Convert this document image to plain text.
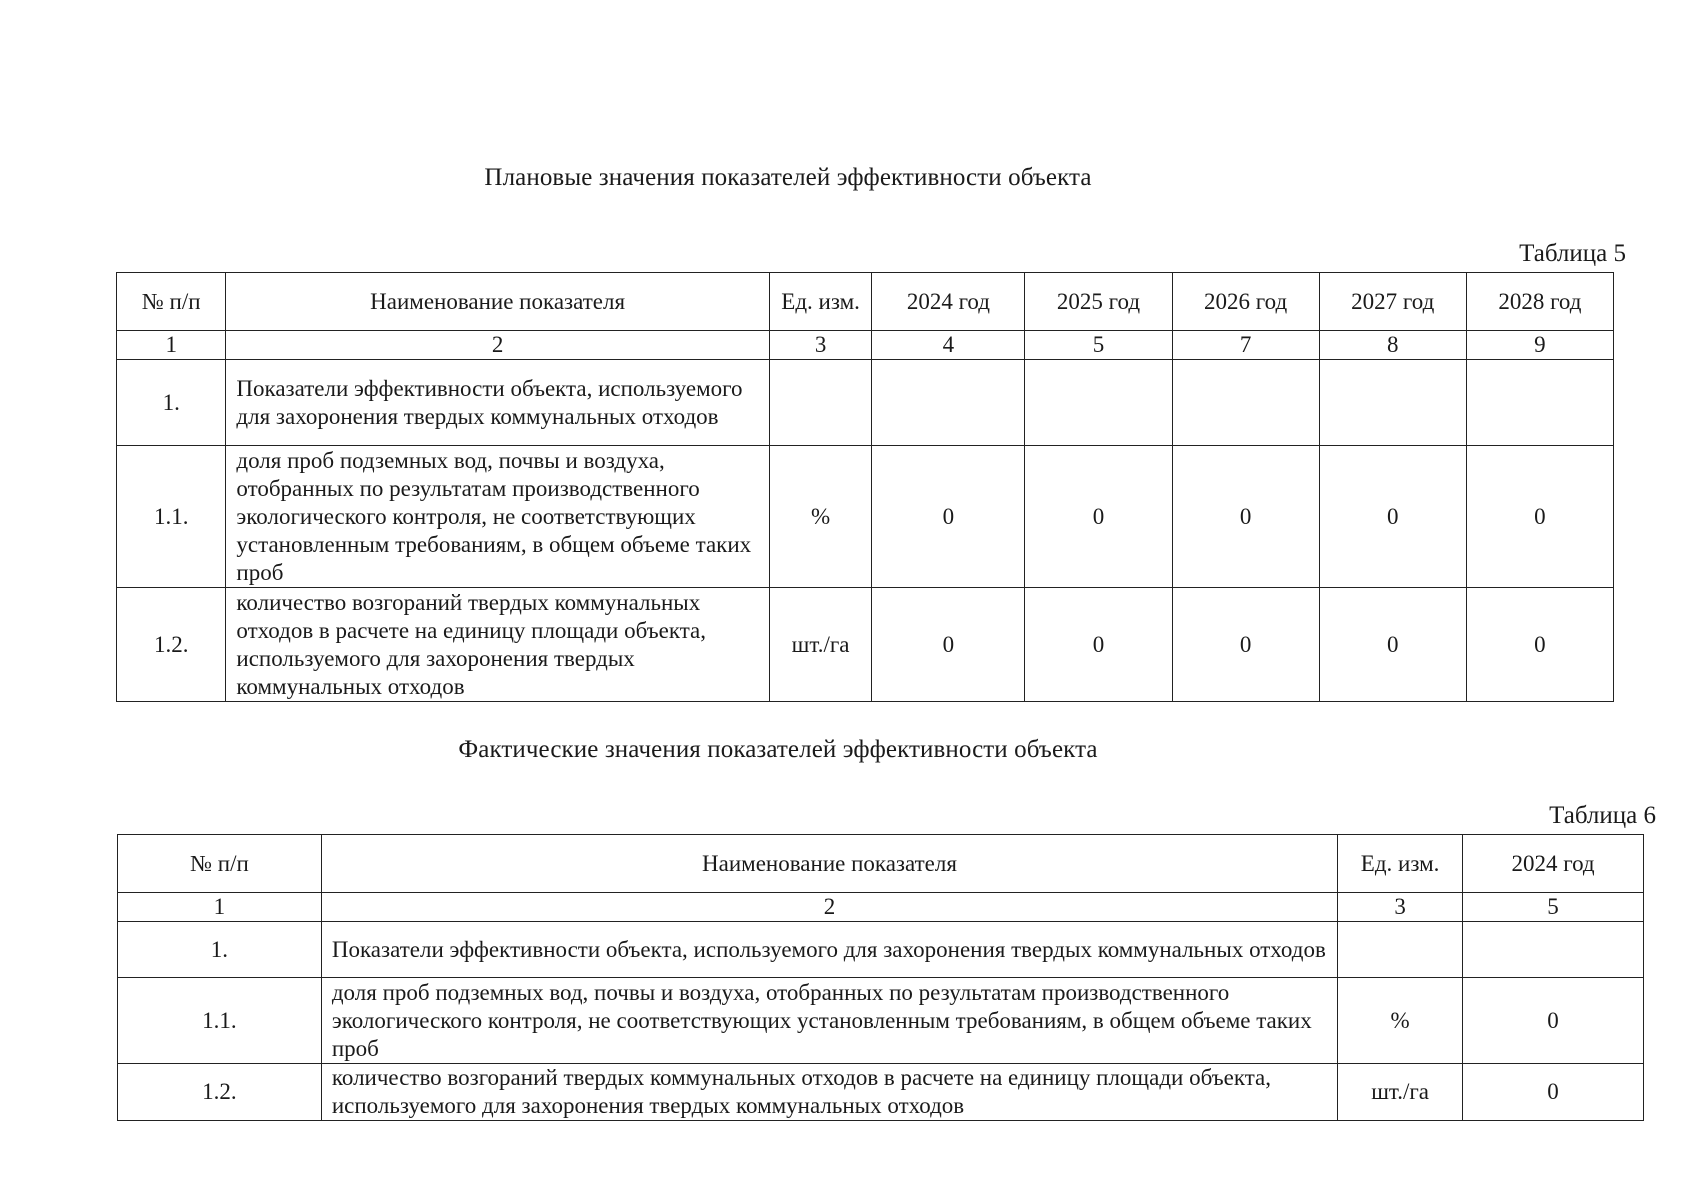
Плановые значения показателей эффективности объекта
Таблица 5
№ п/п	Наименование показателя	Ед. изм.	2024 год	2025 год	2026 год	2027 год	2028 год
1	2	3	4	5	7	8	9
1.	Показатели эффективности объекта, используемого для захоронения твердых коммунальных отходов						
1.1.	доля проб подземных вод, почвы и воздуха, отобранных по результатам производственного экологического контроля, не соответствующих установленным требованиям, в общем объеме таких проб	%	0	0	0	0	0
1.2.	количество возгораний твердых коммунальных отходов в расчете на единицу площади объекта, используемого для захоронения твердых коммунальных отходов	шт./га	0	0	0	0	0
Фактические значения показателей эффективности объекта
Таблица 6
№ п/п	Наименование показателя	Ед. изм.	2024 год
1	2	3	5
1.	Показатели эффективности объекта, используемого для захоронения твердых коммунальных отходов		
1.1.	доля проб подземных вод, почвы и воздуха, отобранных по результатам производственного экологического контроля, не соответствующих установленным требованиям, в общем объеме таких проб	%	0
1.2.	количество возгораний твердых коммунальных отходов в расчете на единицу площади объекта, используемого для захоронения твердых коммунальных отходов	шт./га	0
